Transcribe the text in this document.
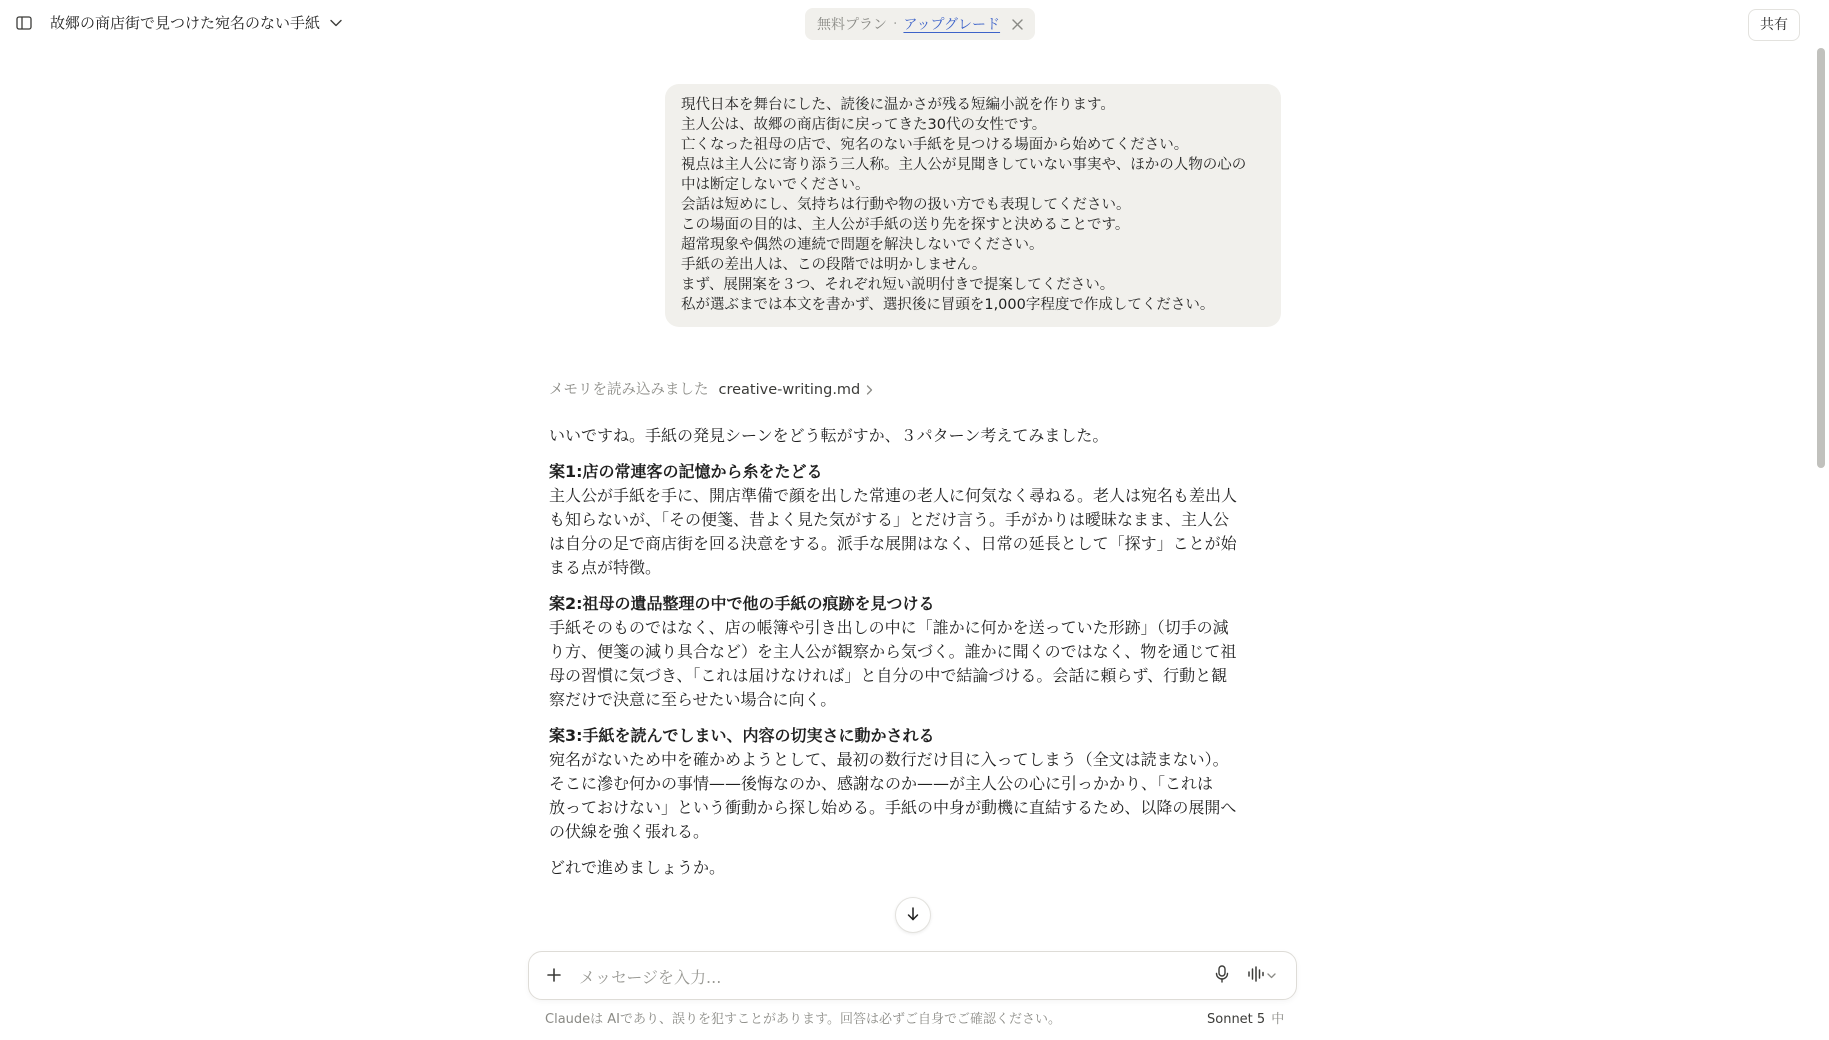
故郷の商店街で見つけた宛名のない手紙	無料プラン · アップグレード	共有
現代日本を舞台にした、読後に温かさが残る短編小説を作ります。
主人公は、故郷の商店街に戻ってきた30代の女性です。
亡くなった祖母の店で、宛名のない手紙を見つける場面から始めてください。
視点は主人公に寄り添う三人称。主人公が見聞きしていない事実や、ほかの人物の心の
中は断定しないでください。
会話は短めにし、気持ちは行動や物の扱い方でも表現してください。
この場面の目的は、主人公が手紙の送り先を探すと決めることです。
超常現象や偶然の連続で問題を解決しないでください。
手紙の差出人は、この段階では明かしません。
まず、展開案を３つ、それぞれ短い説明付きで提案してください。
私が選ぶまでは本文を書かず、選択後に冒頭を1,000字程度で作成してください。
メモリを読み込みました creative-writing.md

いいですね。手紙の発見シーンをどう転がすか、３パターン考えてみました。

案1:店の常連客の記憶から糸をたどる
主人公が手紙を手に、開店準備で顔を出した常連の老人に何気なく尋ねる。老人は宛名も差出人
も知らないが、「その便箋、昔よく見た気がする」とだけ言う。手がかりは曖昧なまま、主人公
は自分の足で商店街を回る決意をする。派手な展開はなく、日常の延長として「探す」ことが始
まる点が特徴。
案2:祖母の遺品整理の中で他の手紙の痕跡を見つける
手紙そのものではなく、店の帳簿や引き出しの中に「誰かに何かを送っていた形跡」（切手の減
り方、便箋の減り具合など）を主人公が観察から気づく。誰かに聞くのではなく、物を通じて祖
母の習慣に気づき、「これは届けなければ」と自分の中で結論づける。会話に頼らず、行動と観
察だけで決意に至らせたい場合に向く。
案3:手紙を読んでしまい、内容の切実さに動かされる
宛名がないため中を確かめようとして、最初の数行だけ目に入ってしまう（全文は読まない）。
そこに滲む何かの事情——後悔なのか、感謝なのか——が主人公の心に引っかかり、「これは
放っておけない」という衝動から探し始める。手紙の中身が動機に直結するため、以降の展開へ
の伏線を強く張れる。

どれで進めましょうか。

メッセージを入力...
Claudeは AIであり、誤りを犯すことがあります。回答は必ずご自身でご確認ください。	Sonnet 5 中
